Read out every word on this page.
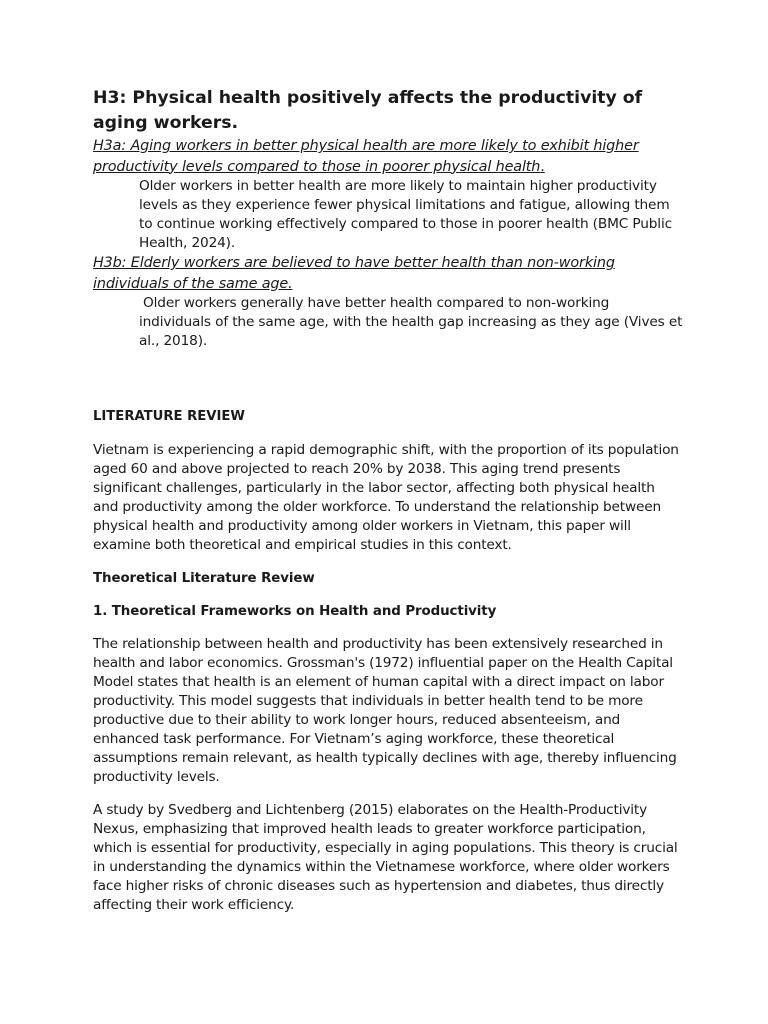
H3: Physical health positively affects the productivity of aging workers.

H3a: Aging workers in better physical health are more likely to exhibit higher productivity levels compared to those in poorer physical health.

Older workers in better health are more likely to maintain higher productivity levels as they experience fewer physical limitations and fatigue, allowing them to continue working effectively compared to those in poorer health (BMC Public Health, 2024).

H3b: Elderly workers are believed to have better health than non-working individuals of the same age.

Older workers generally have better health compared to non-working individuals of the same age, with the health gap increasing as they age (Vives et al., 2018).

LITERATURE REVIEW

Vietnam is experiencing a rapid demographic shift, with the proportion of its population aged 60 and above projected to reach 20% by 2038. This aging trend presents significant challenges, particularly in the labor sector, affecting both physical health and productivity among the older workforce. To understand the relationship between physical health and productivity among older workers in Vietnam, this paper will examine both theoretical and empirical studies in this context.

Theoretical Literature Review

1. Theoretical Frameworks on Health and Productivity

The relationship between health and productivity has been extensively researched in health and labor economics. Grossman's (1972) influential paper on the Health Capital Model states that health is an element of human capital with a direct impact on labor productivity. This model suggests that individuals in better health tend to be more productive due to their ability to work longer hours, reduced absenteeism, and enhanced task performance. For Vietnam’s aging workforce, these theoretical assumptions remain relevant, as health typically declines with age, thereby influencing productivity levels.

A study by Svedberg and Lichtenberg (2015) elaborates on the Health-Productivity Nexus, emphasizing that improved health leads to greater workforce participation, which is essential for productivity, especially in aging populations. This theory is crucial in understanding the dynamics within the Vietnamese workforce, where older workers face higher risks of chronic diseases such as hypertension and diabetes, thus directly affecting their work efficiency.
